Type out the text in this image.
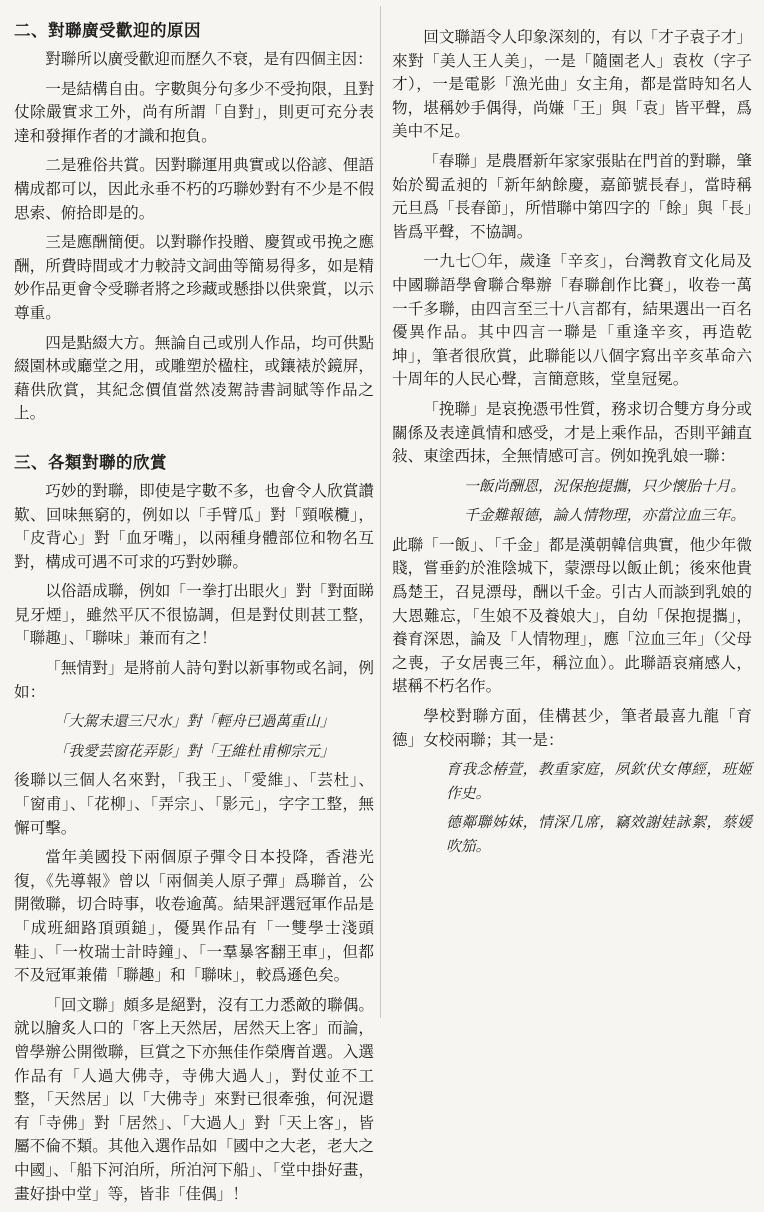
二、對聯廣受歡迎的原因

對聯所以廣受歡迎而歷久不衰，是有四個主因：

一是結構自由。字數與分句多少不受拘限，且對仗除嚴實求工外，尚有所謂「自對」，則更可充分表達和發揮作者的才識和抱負。

二是雅俗共賞。因對聯運用典實或以俗諺、俚語構成都可以，因此永垂不朽的巧聯妙對有不少是不假思索、俯拾即是的。

三是應酬簡便。以對聯作投贈、慶賀或弔挽之應酬，所費時間或才力較詩文詞曲等簡易得多，如是精妙作品更會令受聯者將之珍藏或懸掛以供衆賞，以示尊重。

四是點綴大方。無論自己或別人作品，均可供點綴園林或廳堂之用，或雕塑於楹柱，或鑲裱於鏡屏，藉供欣賞，其紀念價值當然凌駕詩書詞賦等作品之上。

三、各類對聯的欣賞

巧妙的對聯，即使是字數不多，也會令人欣賞讚歎、回味無窮的，例如以「手臂瓜」對「頸喉欖」，「皮背心」對「血牙嘴」，以兩種身體部位和物名互對，構成可遇不可求的巧對妙聯。

以俗語成聯，例如「一拳打出眼火」對「對面睇見牙煙」，雖然平仄不很協調，但是對仗則甚工整，「聯趣」、「聯味」兼而有之！

「無情對」是將前人詩句對以新事物或名詞，例如：

「大駕未還三尺水」對「輕舟已過萬重山」

「我愛芸窗花弄影」對「王維杜甫柳宗元」

後聯以三個人名來對，「我王」、「愛維」、「芸杜」、「窗甫」、「花柳」、「弄宗」、「影元」，字字工整，無懈可擊。

當年美國投下兩個原子彈令日本投降，香港光復，《先導報》曾以「兩個美人原子彈」爲聯首，公開徵聯，切合時事，收卷逾萬。結果評選冠軍作品是「成班細路頂頭鎚」，優異作品有「一雙學士淺頭鞋」、「一枚瑞士計時鐘」、「一羣暴客翻王車」，但都不及冠軍兼備「聯趣」和「聯味」，較爲遜色矣。

「回文聯」頗多是絕對，沒有工力悉敵的聯偶。就以膾炙人口的「客上天然居，居然天上客」而論，曾學辦公開徵聯，巨賞之下亦無佳作榮膺首選。入選作品有「人過大佛寺，寺佛大過人」，對仗並不工整，「天然居」以「大佛寺」來對已很牽強，何況還有「寺佛」對「居然」、「大過人」對「天上客」，皆屬不倫不類。其他入選作品如「國中之大老，老大之中國」、「船下河泊所，所泊河下船」、「堂中掛好畫，畫好掛中堂」等，皆非「佳偶」！

回文聯語令人印象深刻的，有以「才子袁子才」來對「美人王人美」，一是「隨園老人」袁枚（字子才），一是電影「漁光曲」女主角，都是當時知名人物，堪稱妙手偶得，尚嫌「王」與「袁」皆平聲，爲美中不足。

「春聯」是農曆新年家家張貼在門首的對聯，肇始於蜀孟昶的「新年納餘慶，嘉節號長春」，當時稱元旦爲「長春節」，所惜聯中第四字的「餘」與「長」皆爲平聲，不協調。

一九七〇年，歲逢「辛亥」，台灣教育文化局及中國聯語學會聯合舉辦「春聯創作比賽」，收卷一萬一千多聯，由四言至三十八言都有，結果選出一百名優異作品。其中四言一聯是「重逢辛亥，再造乾坤」，筆者很欣賞，此聯能以八個字寫出辛亥革命六十周年的人民心聲，言簡意賅，堂皇冠冕。

「挽聯」是哀挽憑弔性質，務求切合雙方身分或關係及表達眞情和感受，才是上乘作品，否則平鋪直敍、東塗西抹，全無情感可言。例如挽乳娘一聯：

一飯尚酬恩，況保抱提攜，只少懷胎十月。

千金難報德，論人情物理，亦當泣血三年。

此聯「一飯」、「千金」都是漢朝韓信典實，他少年微賤，嘗垂釣於淮陰城下，蒙漂母以飯止飢；後來他貴爲楚王，召見漂母，酬以千金。引古人而談到乳娘的大恩難忘，「生娘不及養娘大」，自幼「保抱提攜」，養育深恩，論及「人情物理」，應「泣血三年」（父母之喪，子女居喪三年，稱泣血）。此聯語哀痛感人，堪稱不朽名作。

學校對聯方面，佳構甚少，筆者最喜九龍「育德」女校兩聯；其一是：

育我念椿萱，教重家庭，夙欽伏女傳經，班姬作史。

德鄰聯姊妹，情深几席，竊效謝娃詠絮，蔡媛吹笳。
